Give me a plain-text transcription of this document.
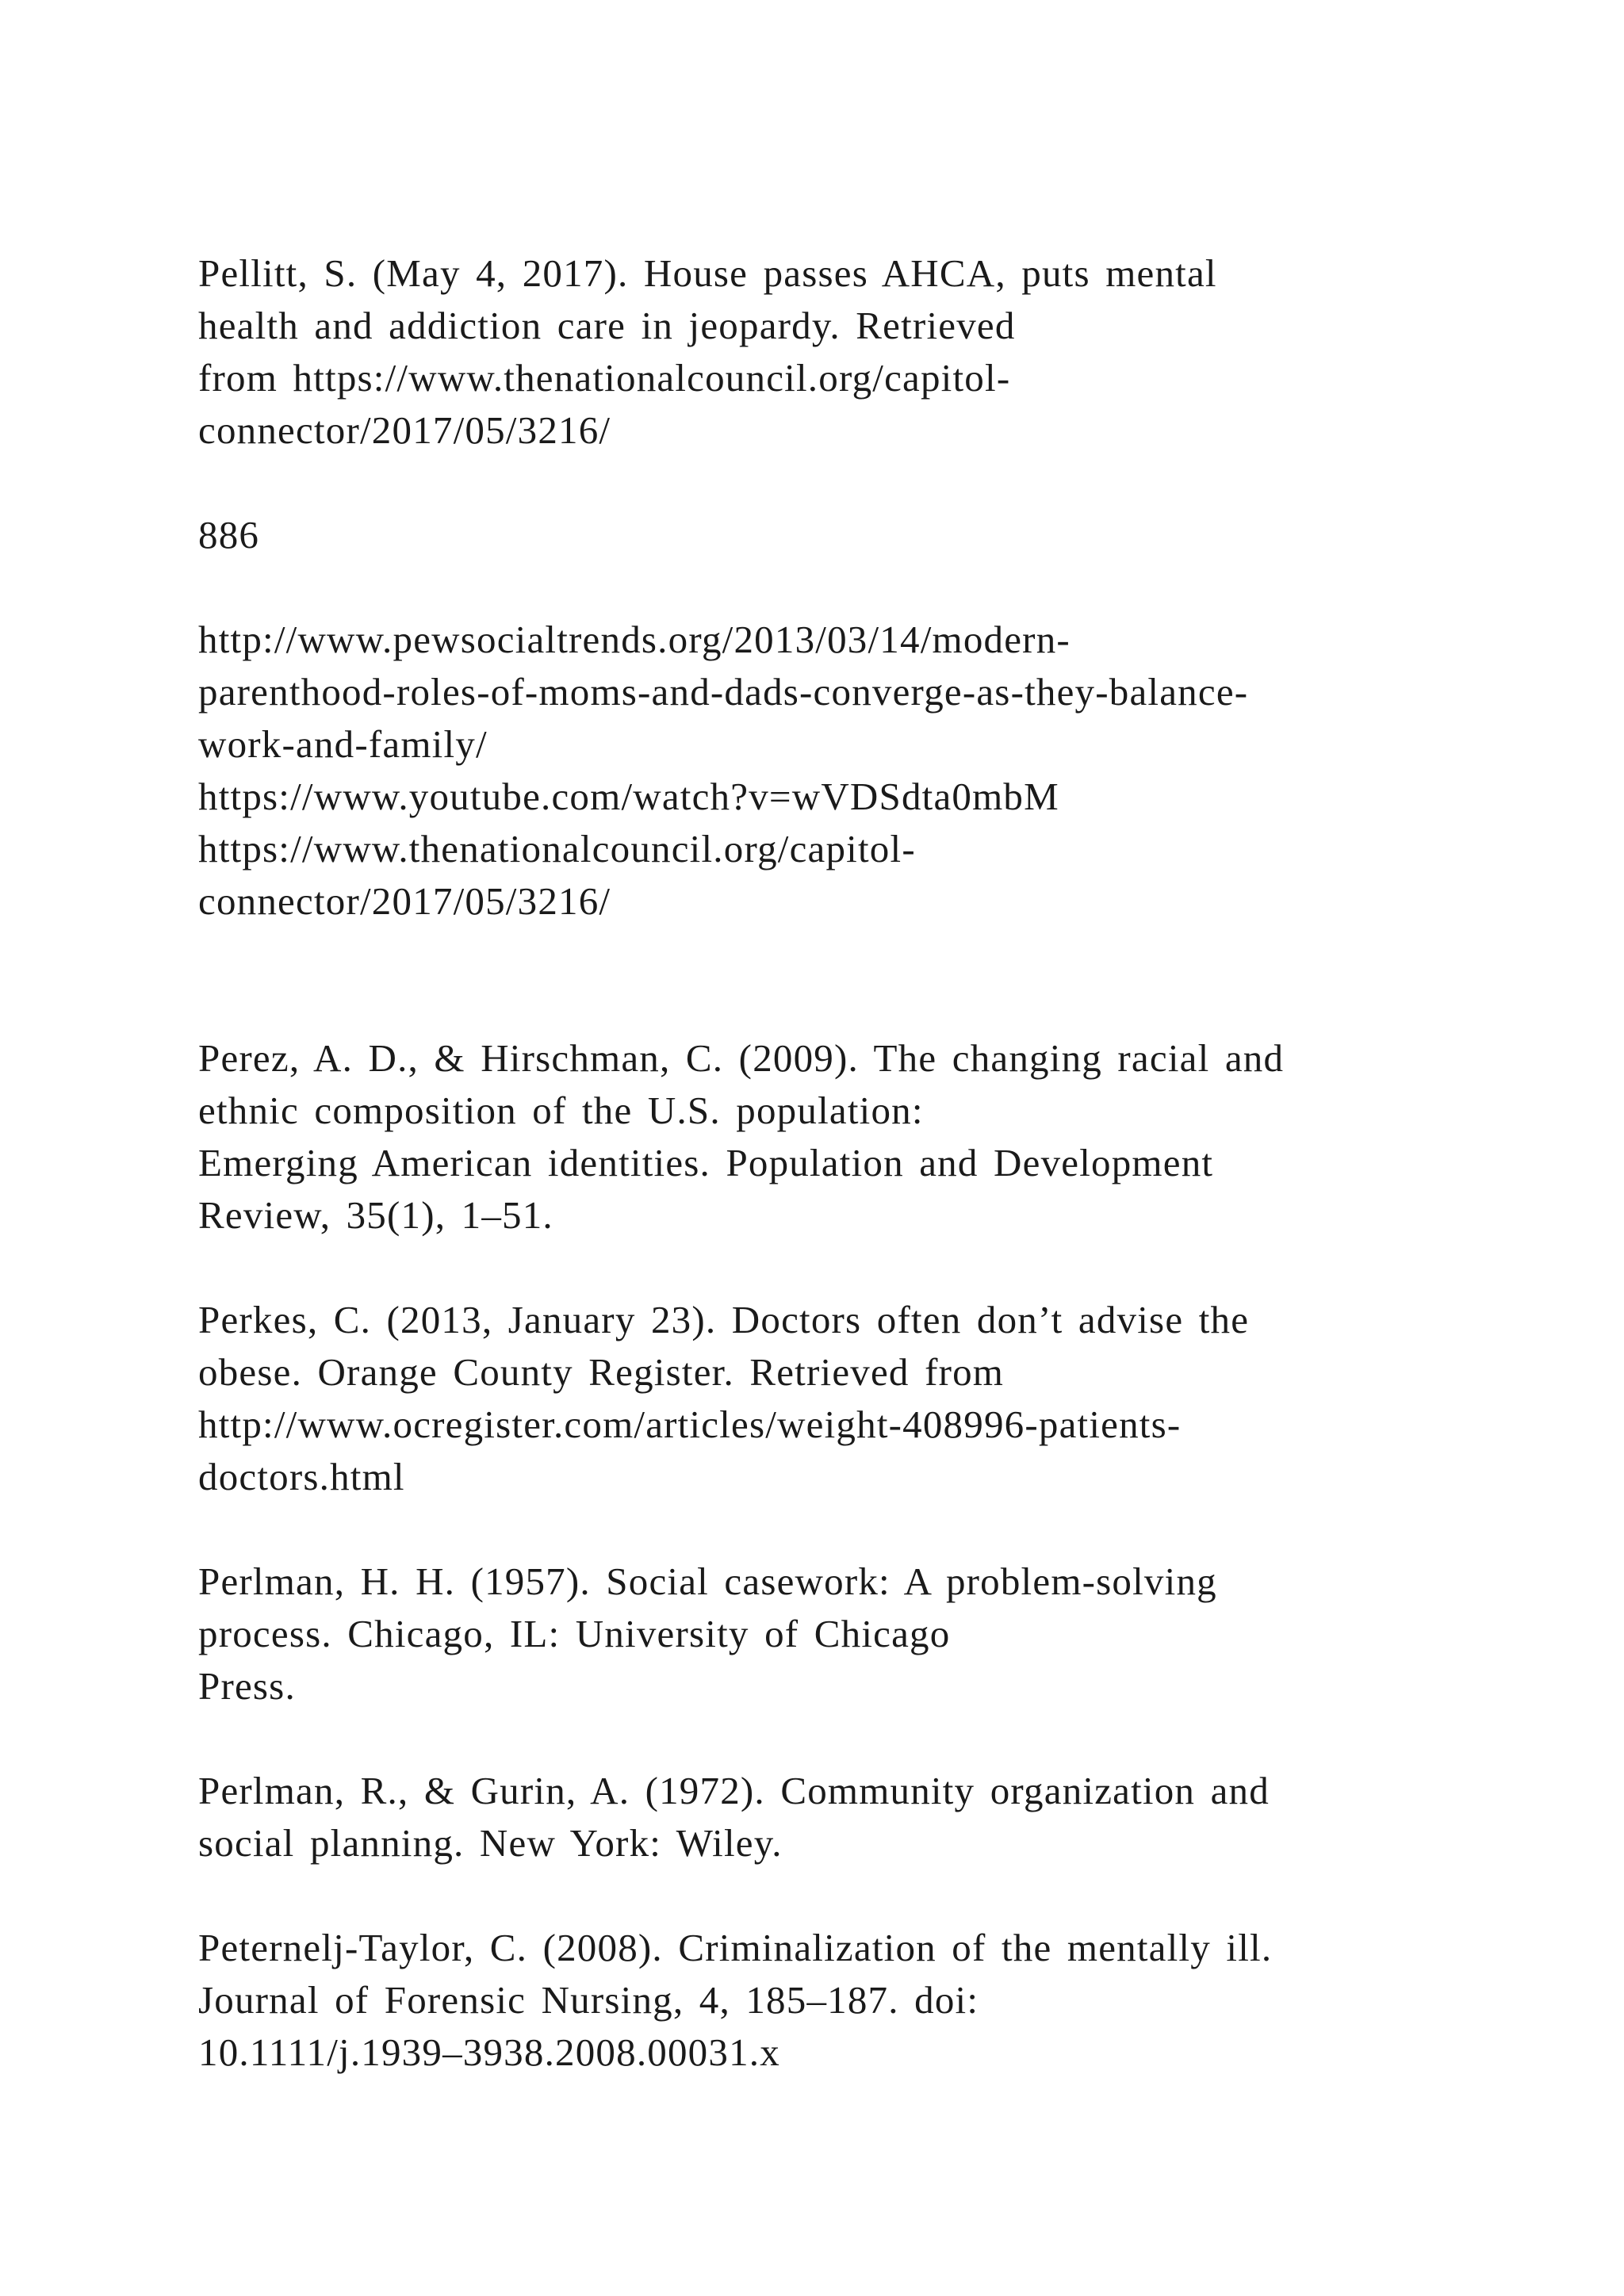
Pellitt, S. (May 4, 2017). House passes AHCA, puts mental
health and addiction care in jeopardy. Retrieved
from https://www.thenationalcouncil.org/capitol-
connector/2017/05/3216/
886
http://www.pewsocialtrends.org/2013/03/14/modern-
parenthood-roles-of-moms-and-dads-converge-as-they-balance-
work-and-family/
https://www.youtube.com/watch?v=wVDSdta0mbM
https://www.thenationalcouncil.org/capitol-
connector/2017/05/3216/
Perez, A. D., & Hirschman, C. (2009). The changing racial and
ethnic composition of the U.S. population:
Emerging American identities. Population and Development
Review, 35(1), 1–51.
Perkes, C. (2013, January 23). Doctors often don’t advise the
obese. Orange County Register. Retrieved from
http://www.ocregister.com/articles/weight-408996-patients-
doctors.html
Perlman, H. H. (1957). Social casework: A problem-solving
process. Chicago, IL: University of Chicago
Press.
Perlman, R., & Gurin, A. (1972). Community organization and
social planning. New York: Wiley.
Peternelj-Taylor, C. (2008). Criminalization of the mentally ill.
Journal of Forensic Nursing, 4, 185–187. doi:
10.1111/j.1939–3938.2008.00031.x
